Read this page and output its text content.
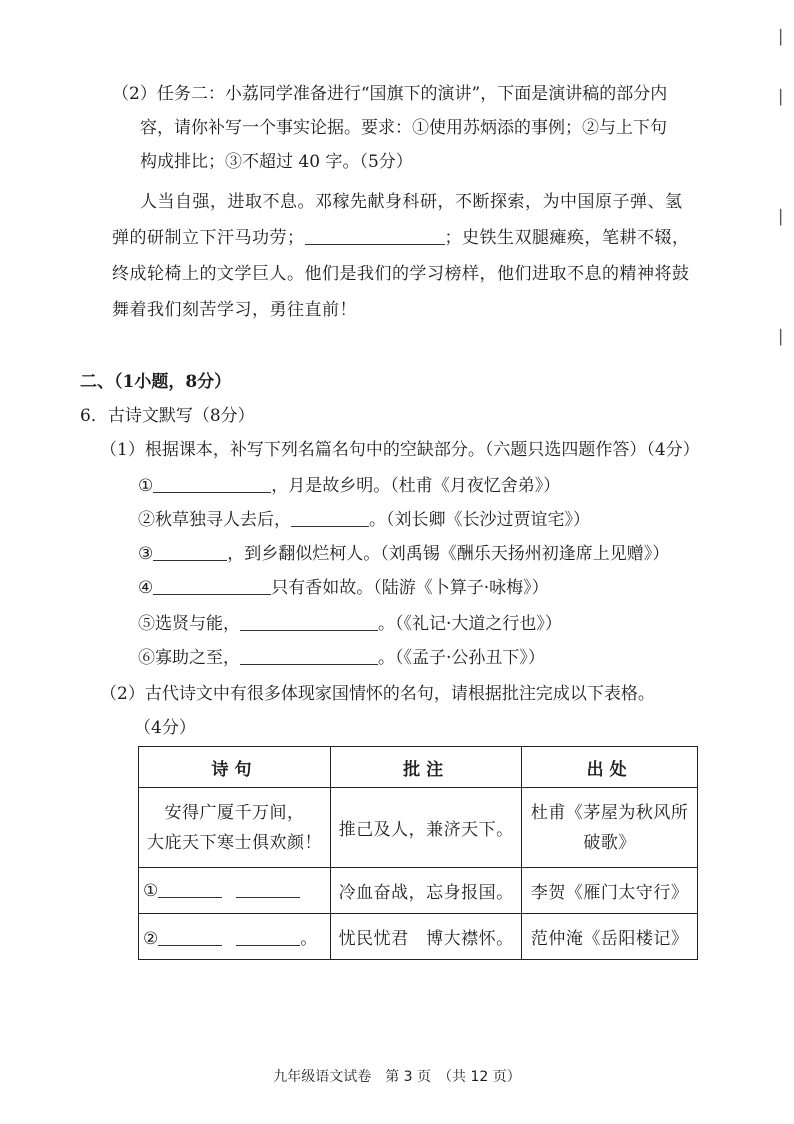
（2）任务二：小荔同学准备进行“国旗下的演讲”，下面是演讲稿的部分内
容，请你补写一个事实论据。要求：①使用苏炳添的事例；②与上下句
构成排比；③不超过 40 字。（5分）
人当自强，进取不息。邓稼先献身科研，不断探索，为中国原子弹、氢
弹的研制立下汗马功劳；	；史铁生双腿瘫痪，笔耕不辍，
终成轮椅上的文学巨人。他们是我们的学习榜样，他们进取不息的精神将鼓
舞着我们刻苦学习，勇往直前！
二、（1小题，8分）
6．古诗文默写（8分）
（1）根据课本，补写下列名篇名句中的空缺部分。（六题只选四题作答）（4分）
①	，月是故乡明。（杜甫《月夜忆舍弟》）
②秋草独寻人去后，	。（刘长卿《长沙过贾谊宅》）
③	，到乡翻似烂柯人。（刘禹锡《酬乐天扬州初逢席上见赠》）
④	只有香如故。（陆游《卜算子·咏梅》）
⑤选贤与能，	。（《礼记·大道之行也》）
⑥寡助之至，	。（《孟子·公孙丑下》）
（2）古代诗文中有很多体现家国情怀的名句，请根据批注完成以下表格。
（4分）
诗句	批注	出处

安得广厦千万间，
大庇天下寒士俱欢颜！	推己及人，兼济天下。	杜甫《茅屋为秋风所
破歌》

①	冷血奋战，忘身报国。	李贺《雁门太守行》
② 。	忧民忧君　博大襟怀。	范仲淹《岳阳楼记》
九年级语文试卷　第 3 页　（共 12 页）
▏
▏
▏
▏
